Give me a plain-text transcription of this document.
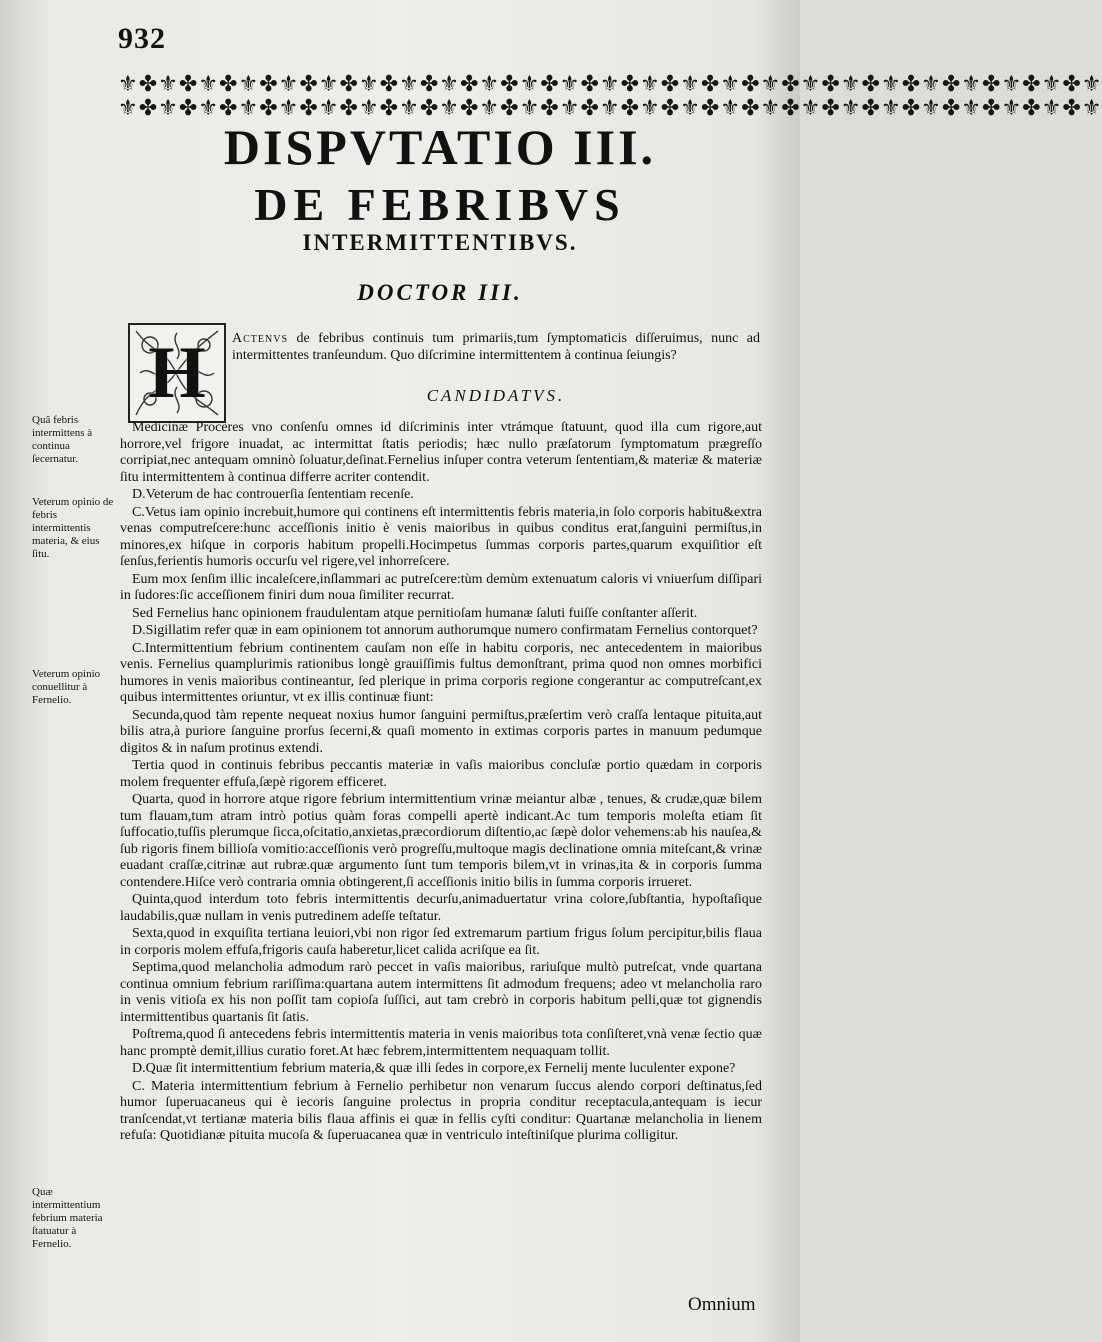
932
⚜✤⚜✤⚜✤⚜✤⚜✤⚜✤⚜✤⚜✤⚜✤⚜✤⚜✤⚜✤⚜✤⚜✤⚜✤⚜✤⚜✤⚜✤⚜✤⚜✤⚜✤⚜✤⚜✤⚜✤⚜
⚜✤⚜✤⚜✤⚜✤⚜✤⚜✤⚜✤⚜✤⚜✤⚜✤⚜✤⚜✤⚜✤⚜✤⚜✤⚜✤⚜✤⚜✤⚜✤⚜✤⚜✤⚜✤⚜✤⚜✤⚜
DISPVTATIO III.
DE FEBRIBVS
INTERMITTENTIBVS.
DOCTOR III.
H Actenvs de febribus continuis tum primariis,tum ſymptomaticis diſſeruimus, nunc ad intermittentes tranſeundum. Quo diſcrimine intermittentem à continua ſeiungis?

CANDIDATVS.

Medicinæ Proceres vno conſenſu omnes id diſcriminis inter vtrámque ſtatuunt, quod illa cum rigore,aut horrore,vel frigore inuadat, ac intermittat ſtatis periodis; hæc nullo præſatorum ſymptomatum prægreſſo corripiat,nec antequam omninò ſoluatur,deſinat.Fernelius inſuper contra veterum ſententiam,& materiæ & materiæ ſitu intermittentem à continua differre acriter contendit.

D.Veterum de hac controuerſia ſententiam recenſe.

C.Vetus iam opinio increbuit,humore qui continens eſt intermittentis febris materia,in ſolo corporis habitu&extra venas computreſcere:hunc acceſſionis initio è venis maioribus in quibus conditus erat,ſanguini permiſtus,in minores,ex hiſque in corporis habitum propelli.Hocimpetus ſummas corporis partes,quarum exquiſitior eſt ſenſus,ferientis humoris occurſu vel rigere,vel inhorreſcere.

Eum mox ſenſim illic incaleſcere,inſlammari ac putreſcere:tùm demùm extenuatum caloris vi vniuerſum diſſipari in ſudores:ſic acceſſionem finiri dum noua ſimiliter recurrat.

Sed Fernelius hanc opinionem fraudulentam atque pernitioſam humanæ ſaluti fuiſſe conſtanter aſſerit.

D.Sigillatim refer quæ in eam opinionem tot annorum authorumque numero confirmatam Fernelius contorquet?

C.Intermittentium febrium continentem cauſam non eſſe in habitu corporis, nec antecedentem in maioribus venis. Fernelius quamplurimis rationibus longè grauiſſimis fultus demonſtrant, prima quod non omnes morbifici humores in venis maioribus contineantur, ſed plerique in prima corporis regione congerantur ac computreſcant,ex quibus intermittentes oriuntur, vt ex illis continuæ fiunt:

Secunda,quod tàm repente nequeat noxius humor ſanguini permiſtus,præſertim verò craſſa lentaque pituita,aut bilis atra,à puriore ſanguine prorſus ſecerni,& quaſi momento in extimas corporis partes in manuum pedumque digitos & in naſum protinus extendi.

Tertia quod in continuis febribus peccantis materiæ in vaſis maioribus concluſæ portio quædam in corporis molem frequenter effuſa,ſæpè rigorem efficeret.

Quarta, quod in horrore atque rigore febrium intermittentium vrinæ meiantur albæ , tenues, & crudæ,quæ bilem tum flauam,tum atram intrò potius quàm foras compelli apertè indicant.Ac tum temporis moleſta etiam ſit ſuffocatio,tuſſis plerumque ſicca,oſcitatio,anxietas,præcordiorum diſtentio,ac ſæpè dolor vehemens:ab his nauſea,& ſub rigoris finem billioſa vomitio:acceſſionis verò progreſſu,multoque magis declinatione omnia miteſcant,& vrinæ euadant craſſæ,citrinæ aut rubræ.quæ argumento ſunt tum temporis bilem,vt in vrinas,ita & in corporis ſumma contendere.Hiſce verò contraria omnia obtingerent,ſi acceſſionis initio bilis in ſumma corporis irrueret.

Quinta,quod interdum toto febris intermittentis decurſu,animaduertatur vrina colore,ſubſtantia, hypoſtaſique laudabilis,quæ nullam in venis putredinem adeſſe teſtatur.

Sexta,quod in exquiſita tertiana leuiori,vbi non rigor ſed extremarum partium frigus ſolum percipitur,bilis flaua in corporis molem effuſa,frigoris cauſa haberetur,licet calida acriſque ea ſit.

Septima,quod melancholia admodum rarò peccet in vaſis maioribus, rariuſque multò putreſcat, vnde quartana continua omnium febrium rariſſima:quartana autem intermittens ſit admodum frequens; adeo vt melancholia raro in venis vitioſa ex his non poſſit tam copioſa ſuſſici, aut tam crebrò in corporis habitum pelli,quæ tot gignendis intermittentibus quartanis ſit ſatis.

Poſtrema,quod ſi antecedens febris intermittentis materia in venis maioribus tota conſiſteret,vnà venæ ſectio quæ hanc promptè demit,illius curatio foret.At hæc febrem,intermittentem nequaquam tollit.

D.Quæ ſit intermittentium febrium materia,& quæ illi ſedes in corpore,ex Fernelij mente luculenter expone?

C. Materia intermittentium febrium à Fernelio perhibetur non venarum ſuccus alendo corpori deſtinatus,ſed humor ſuperuacaneus qui è iecoris ſanguine prolectus in propria conditur receptacula,antequam is iecur tranſcendat,vt tertianæ materia bilis flaua affinis ei quæ in fellis cyſti conditur: Quartanæ melancholia in lienem refuſa: Quotidianæ pituita mucoſa & ſuperuacanea quæ in ventriculo inteſtiniſque plurima colligitur.

Quâ febris intermittens à continua ſecernatur.

Veterum opinio de febris intermittentis materia, & eius ſitu.

Veterum opinio conuellitur à Fernelio.

Quæ intermittentium febrium materia ſtatuatur à Fernelio.

Omnium
